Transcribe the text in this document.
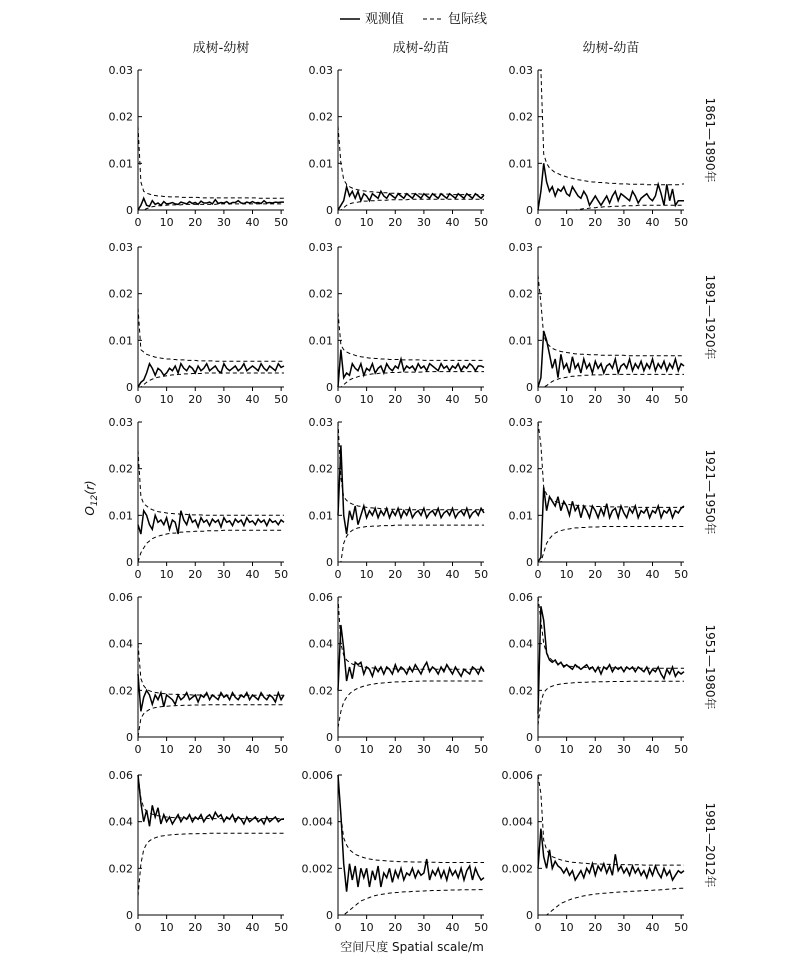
观测值	包际线
成树-幼树	成树-幼苗	幼树-幼苗
$O_{12}(r)$
空间尺度 Spatial scale/m
1861—1890年
0
0.01
0.02
0.03
0 10 20 30 40 50
0
0.01
0.02
0.03
0 10 20 30 40 50
0
0.01
0.02
0.03
0 10 20 30 40 50
1891—1920年
0
0.01
0.02
0.03
0 10 20 30 40 50
0
0.01
0.02
0.03
0 10 20 30 40 50
0
0.01
0.02
0.03
0 10 20 30 40 50
1921—1950年
0
0.01
0.02
0.03
0 10 20 30 40 50
0
0.01
0.02
0.03
0 10 20 30 40 50
0
0.01
0.02
0.03
0 10 20 30 40 50
1951—1980年
0
0.02
0.04
0.06
0 10 20 30 40 50
0
0.02
0.04
0.06
0 10 20 30 40 50
0
0.02
0.04
0.06
0 10 20 30 40 50
1981—2012年
0
0.02
0.04
0.06
0 10 20 30 40 50
0
0.002
0.004
0.006
0 10 20 30 40 50
0
0.002
0.004
0.006
0 10 20 30 40 50
